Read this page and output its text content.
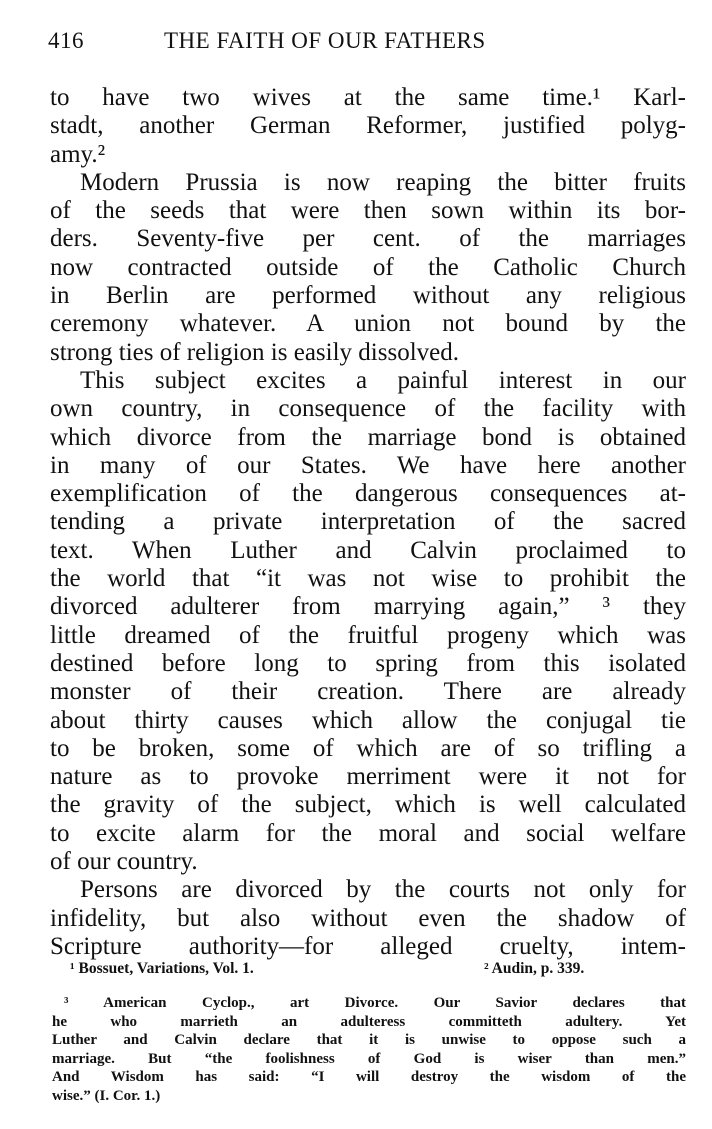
416	THE FAITH OF OUR FATHERS
to have two wives at the same time.¹ Karl-
stadt, another German Reformer, justified polyg-
amy.²
Modern Prussia is now reaping the bitter fruits
of the seeds that were then sown within its bor-
ders. Seventy-five per cent. of the marriages
now contracted outside of the Catholic Church
in Berlin are performed without any religious
ceremony whatever. A union not bound by the
strong ties of religion is easily dissolved.
This subject excites a painful interest in our
own country, in consequence of the facility with
which divorce from the marriage bond is obtained
in many of our States. We have here another
exemplification of the dangerous consequences at-
tending a private interpretation of the sacred
text. When Luther and Calvin proclaimed to
the world that “it was not wise to prohibit the
divorced adulterer from marrying again,” ³ they
little dreamed of the fruitful progeny which was
destined before long to spring from this isolated
monster of their creation. There are already
about thirty causes which allow the conjugal tie
to be broken, some of which are of so trifling a
nature as to provoke merriment were it not for
the gravity of the subject, which is well calculated
to excite alarm for the moral and social welfare
of our country.
Persons are divorced by the courts not only for
infidelity, but also without even the shadow of
Scripture authority—for alleged cruelty, intem-
¹ Bossuet, Variations, Vol. 1.	² Audin, p. 339.
³ American Cyclop., art Divorce. Our Savior declares that
he who marrieth an adulteress committeth adultery. Yet
Luther and Calvin declare that it is unwise to oppose such a
marriage. But “the foolishness of God is wiser than men.”
And Wisdom has said: “I will destroy the wisdom of the
wise.” (I. Cor. 1.)
